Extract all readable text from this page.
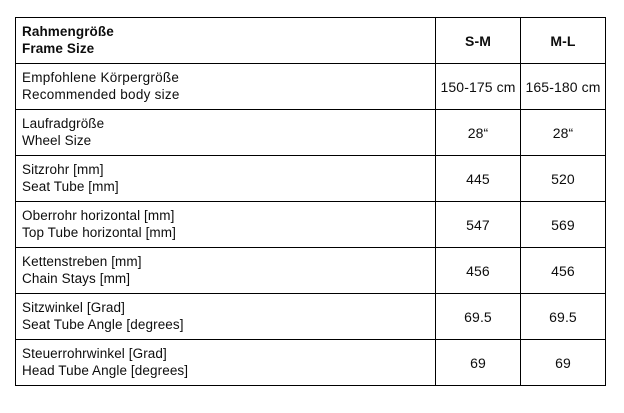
Rahmengröße
Frame Size	S-M	M-L

Empfohlene Körpergröße
Recommended body size	150-175 cm	165-180 cm

Laufradgröße
Wheel Size	28“	28“

Sitzrohr [mm]
Seat Tube [mm]	445	520

Oberrohr horizontal [mm]
Top Tube horizontal [mm]	547	569

Kettenstreben [mm]
Chain Stays [mm]	456	456

Sitzwinkel [Grad]
Seat Tube Angle [degrees]	69.5	69.5

Steuerrohrwinkel [Grad]
Head Tube Angle [degrees]	69	69
